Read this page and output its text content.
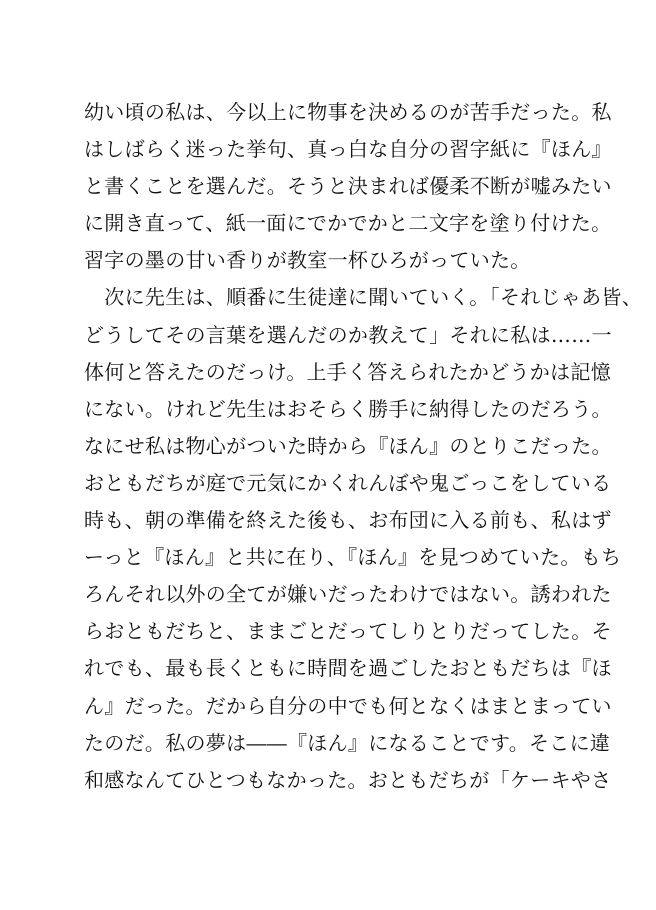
幼い頃の私は、今以上に物事を決めるのが苦手だった。私
はしばらく迷った挙句、真っ白な自分の習字紙に『ほん』
と書くことを選んだ。そうと決まれば優柔不断が嘘みたい
に開き直って、紙一面にでかでかと二文字を塗り付けた。
習字の墨の甘い香りが教室一杯ひろがっていた。
　次に先生は、順番に生徒達に聞いていく。「それじゃあ皆、
どうしてその言葉を選んだのか教えて」それに私は……一
体何と答えたのだっけ。上手く答えられたかどうかは記憶
にない。けれど先生はおそらく勝手に納得したのだろう。
なにせ私は物心がついた時から『ほん』のとりこだった。
おともだちが庭で元気にかくれんぼや鬼ごっこをしている
時も、朝の準備を終えた後も、お布団に入る前も、私はず
ーっと『ほん』と共に在り、『ほん』を見つめていた。もち
ろんそれ以外の全てが嫌いだったわけではない。誘われた
らおともだちと、ままごとだってしりとりだってした。そ
れでも、最も長くともに時間を過ごしたおともだちは『ほ
ん』だった。だから自分の中でも何となくはまとまってい
たのだ。私の夢は――『ほん』になることです。そこに違
和感なんてひとつもなかった。おともだちが「ケーキやさ
